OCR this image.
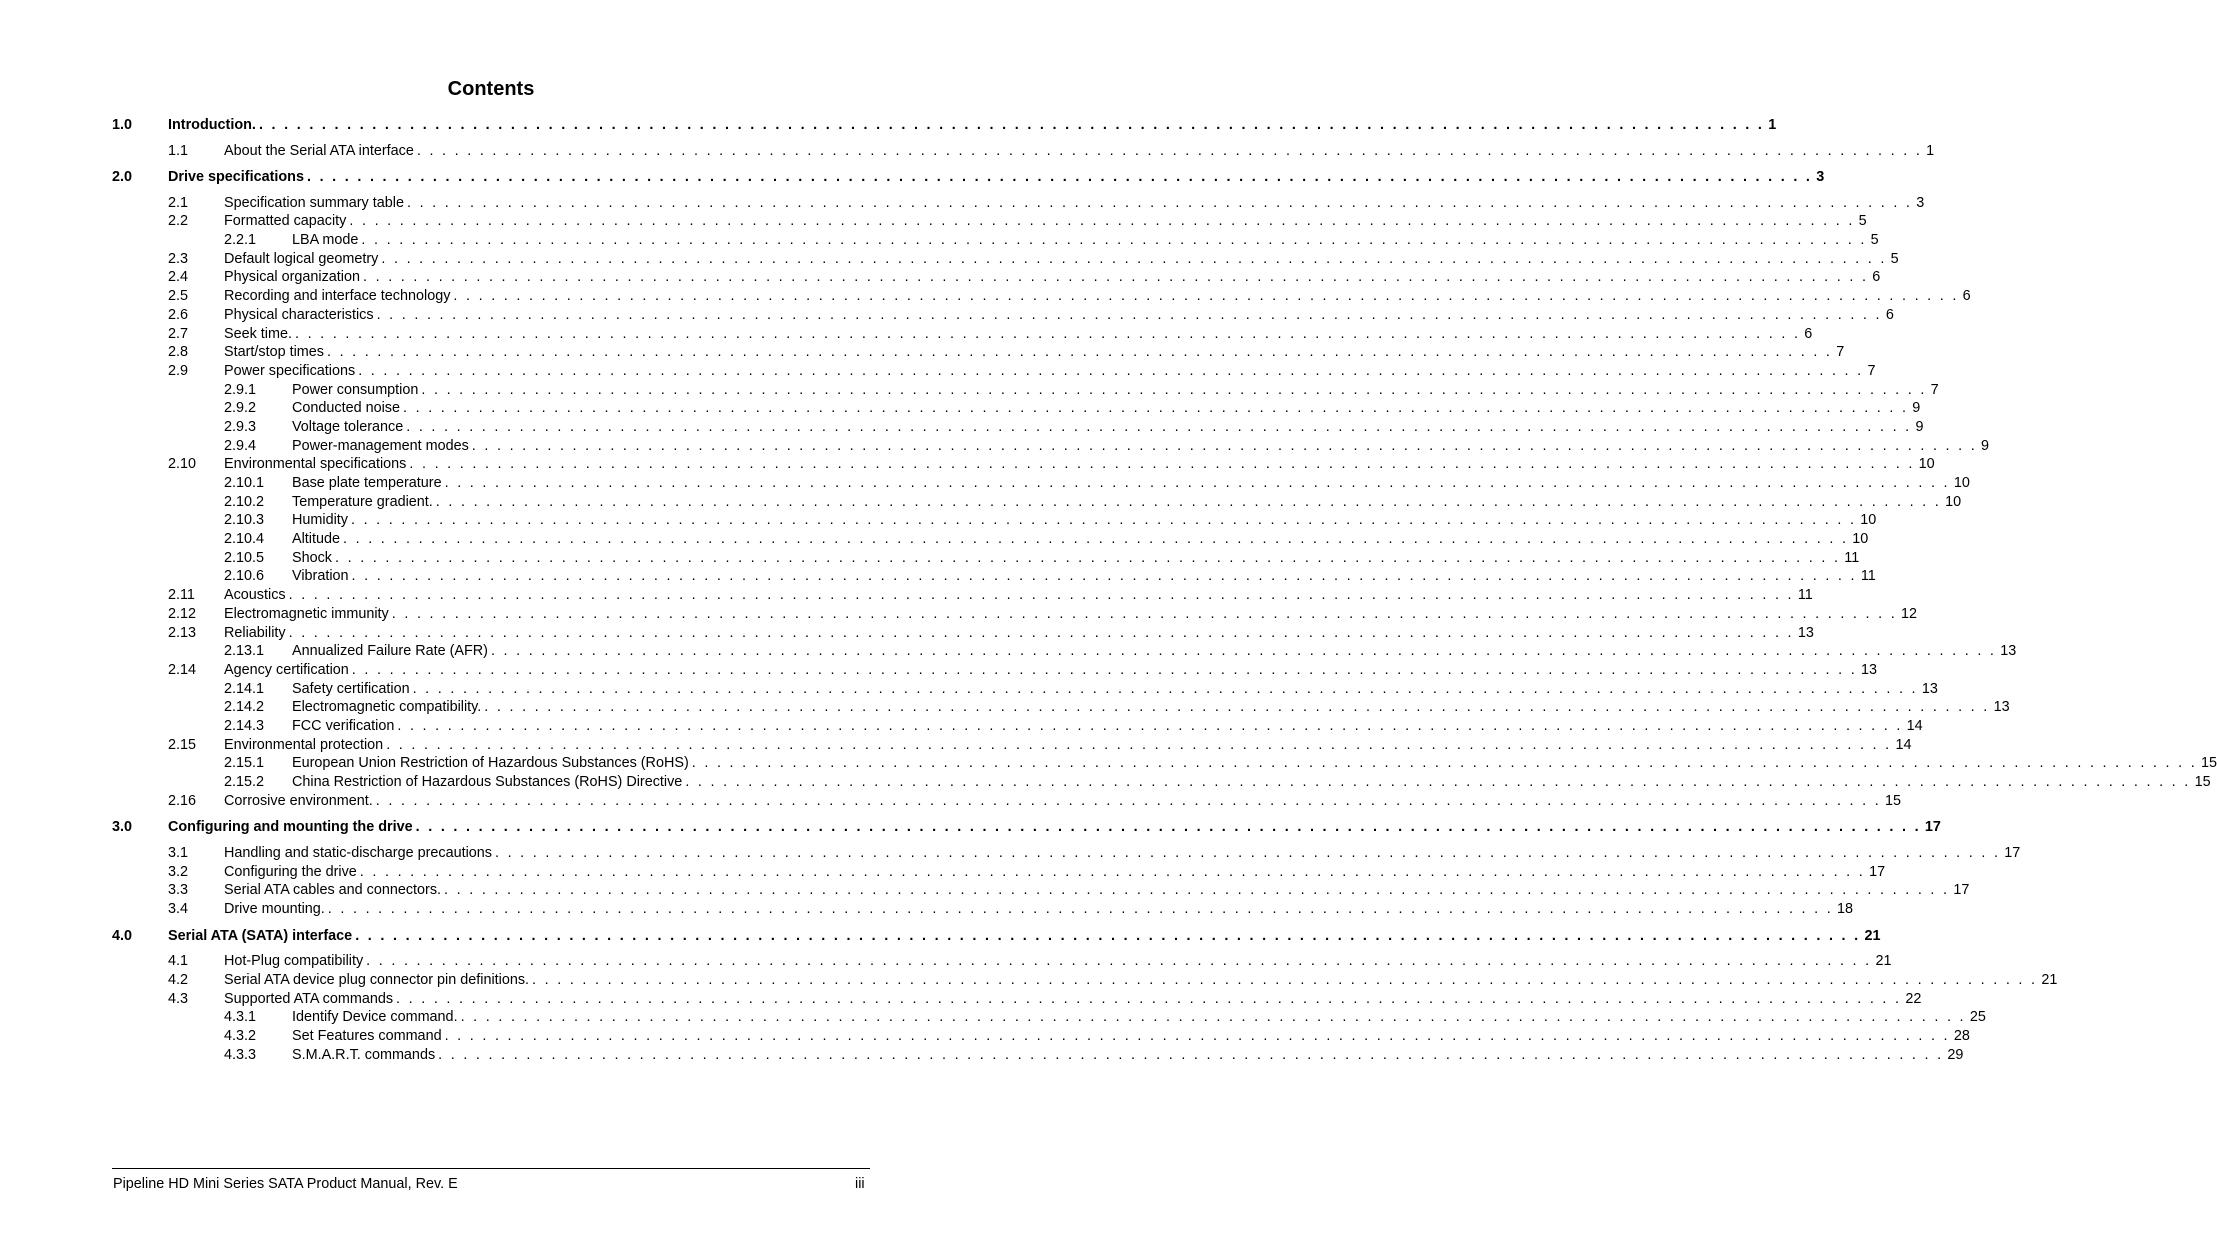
Contents
1.0 Introduction. . . . . . . . . . . . . . . . . . . . . . . . . . . . . . . . . . . . . . . . . . . . . . . . . . . . . . . . . . . . . . . . . . . . . . . . . . . . . . . . . . . . . . . . . . . . . . . . . . . . . . . . . . . . . . . . . . . . . . . . . 1
1.1 About the Serial ATA interface . . . . . . . . . . . . . . . . . . . . . . . . . . . . . . . . . . . . . . . . . . . . . . . . . . . . . . . . . . . . . . . . . . . . . . . . . . . . . . . . . . . . . . . . . . . . . . . . . . . . . . . . . . . . . . . . . . . . . . . . 1
2.0 Drive specifications . . . . . . . . . . . . . . . . . . . . . . . . . . . . . . . . . . . . . . . . . . . . . . . . . . . . . . . . . . . . . . . . . . . . . . . . . . . . . . . . . . . . . . . . . . . . . . . . . . . . . . . . . . . . . . . . . . . . . . . . 3
2.1 Specification summary table . . . . . . . . . . . . . . . . . . . . . . . . . . . . . . . . . . . . . . . . . . . . . . . . . . . . . . . . . . . . . . . . . . . . . . . . . . . . . . . . . . . . . . . . . . . . . . . . . . . . . . . . . . . . . . . . . . . . . . . . 3
2.2 Formatted capacity . . . . . . . . . . . . . . . . . . . . . . . . . . . . . . . . . . . . . . . . . . . . . . . . . . . . . . . . . . . . . . . . . . . . . . . . . . . . . . . . . . . . . . . . . . . . . . . . . . . . . . . . . . . . . . . . . . . . . . . . 5
2.2.1 LBA mode . . . . . . . . . . . . . . . . . . . . . . . . . . . . . . . . . . . . . . . . . . . . . . . . . . . . . . . . . . . . . . . . . . . . . . . . . . . . . . . . . . . . . . . . . . . . . . . . . . . . . . . . . . . . . . . . . . . . . . . . 5
2.3 Default logical geometry . . . . . . . . . . . . . . . . . . . . . . . . . . . . . . . . . . . . . . . . . . . . . . . . . . . . . . . . . . . . . . . . . . . . . . . . . . . . . . . . . . . . . . . . . . . . . . . . . . . . . . . . . . . . . . . . . . . . . . . . 5
2.4 Physical organization . . . . . . . . . . . . . . . . . . . . . . . . . . . . . . . . . . . . . . . . . . . . . . . . . . . . . . . . . . . . . . . . . . . . . . . . . . . . . . . . . . . . . . . . . . . . . . . . . . . . . . . . . . . . . . . . . . . . . . . . 6
2.5 Recording and interface technology . . . . . . . . . . . . . . . . . . . . . . . . . . . . . . . . . . . . . . . . . . . . . . . . . . . . . . . . . . . . . . . . . . . . . . . . . . . . . . . . . . . . . . . . . . . . . . . . . . . . . . . . . . . . . . . . . . . . . . . . 6
2.6 Physical characteristics . . . . . . . . . . . . . . . . . . . . . . . . . . . . . . . . . . . . . . . . . . . . . . . . . . . . . . . . . . . . . . . . . . . . . . . . . . . . . . . . . . . . . . . . . . . . . . . . . . . . . . . . . . . . . . . . . . . . . . . . 6
2.7 Seek time. . . . . . . . . . . . . . . . . . . . . . . . . . . . . . . . . . . . . . . . . . . . . . . . . . . . . . . . . . . . . . . . . . . . . . . . . . . . . . . . . . . . . . . . . . . . . . . . . . . . . . . . . . . . . . . . . . . . . . . . . 6
2.8 Start/stop times . . . . . . . . . . . . . . . . . . . . . . . . . . . . . . . . . . . . . . . . . . . . . . . . . . . . . . . . . . . . . . . . . . . . . . . . . . . . . . . . . . . . . . . . . . . . . . . . . . . . . . . . . . . . . . . . . . . . . . . . 7
2.9 Power specifications . . . . . . . . . . . . . . . . . . . . . . . . . . . . . . . . . . . . . . . . . . . . . . . . . . . . . . . . . . . . . . . . . . . . . . . . . . . . . . . . . . . . . . . . . . . . . . . . . . . . . . . . . . . . . . . . . . . . . . . . 7
2.9.1 Power consumption . . . . . . . . . . . . . . . . . . . . . . . . . . . . . . . . . . . . . . . . . . . . . . . . . . . . . . . . . . . . . . . . . . . . . . . . . . . . . . . . . . . . . . . . . . . . . . . . . . . . . . . . . . . . . . . . . . . . . . . . 7
2.9.2 Conducted noise . . . . . . . . . . . . . . . . . . . . . . . . . . . . . . . . . . . . . . . . . . . . . . . . . . . . . . . . . . . . . . . . . . . . . . . . . . . . . . . . . . . . . . . . . . . . . . . . . . . . . . . . . . . . . . . . . . . . . . . . 9
2.9.3 Voltage tolerance . . . . . . . . . . . . . . . . . . . . . . . . . . . . . . . . . . . . . . . . . . . . . . . . . . . . . . . . . . . . . . . . . . . . . . . . . . . . . . . . . . . . . . . . . . . . . . . . . . . . . . . . . . . . . . . . . . . . . . . . 9
2.9.4 Power-management modes . . . . . . . . . . . . . . . . . . . . . . . . . . . . . . . . . . . . . . . . . . . . . . . . . . . . . . . . . . . . . . . . . . . . . . . . . . . . . . . . . . . . . . . . . . . . . . . . . . . . . . . . . . . . . . . . . . . . . . . . 9
2.10 Environmental specifications . . . . . . . . . . . . . . . . . . . . . . . . . . . . . . . . . . . . . . . . . . . . . . . . . . . . . . . . . . . . . . . . . . . . . . . . . . . . . . . . . . . . . . . . . . . . . . . . . . . . . . . . . . . . . . . . . . . . . . . . 10
2.10.1 Base plate temperature . . . . . . . . . . . . . . . . . . . . . . . . . . . . . . . . . . . . . . . . . . . . . . . . . . . . . . . . . . . . . . . . . . . . . . . . . . . . . . . . . . . . . . . . . . . . . . . . . . . . . . . . . . . . . . . . . . . . . . . . 10
2.10.2 Temperature gradient. . . . . . . . . . . . . . . . . . . . . . . . . . . . . . . . . . . . . . . . . . . . . . . . . . . . . . . . . . . . . . . . . . . . . . . . . . . . . . . . . . . . . . . . . . . . . . . . . . . . . . . . . . . . . . . . . . . . . . . . . 10
2.10.3 Humidity . . . . . . . . . . . . . . . . . . . . . . . . . . . . . . . . . . . . . . . . . . . . . . . . . . . . . . . . . . . . . . . . . . . . . . . . . . . . . . . . . . . . . . . . . . . . . . . . . . . . . . . . . . . . . . . . . . . . . . . . 10
2.10.4 Altitude . . . . . . . . . . . . . . . . . . . . . . . . . . . . . . . . . . . . . . . . . . . . . . . . . . . . . . . . . . . . . . . . . . . . . . . . . . . . . . . . . . . . . . . . . . . . . . . . . . . . . . . . . . . . . . . . . . . . . . . . 10
2.10.5 Shock . . . . . . . . . . . . . . . . . . . . . . . . . . . . . . . . . . . . . . . . . . . . . . . . . . . . . . . . . . . . . . . . . . . . . . . . . . . . . . . . . . . . . . . . . . . . . . . . . . . . . . . . . . . . . . . . . . . . . . . . 11
2.10.6 Vibration . . . . . . . . . . . . . . . . . . . . . . . . . . . . . . . . . . . . . . . . . . . . . . . . . . . . . . . . . . . . . . . . . . . . . . . . . . . . . . . . . . . . . . . . . . . . . . . . . . . . . . . . . . . . . . . . . . . . . . . . 11
2.11 Acoustics . . . . . . . . . . . . . . . . . . . . . . . . . . . . . . . . . . . . . . . . . . . . . . . . . . . . . . . . . . . . . . . . . . . . . . . . . . . . . . . . . . . . . . . . . . . . . . . . . . . . . . . . . . . . . . . . . . . . . . . . 11
2.12 Electromagnetic immunity . . . . . . . . . . . . . . . . . . . . . . . . . . . . . . . . . . . . . . . . . . . . . . . . . . . . . . . . . . . . . . . . . . . . . . . . . . . . . . . . . . . . . . . . . . . . . . . . . . . . . . . . . . . . . . . . . . . . . . . . 12
2.13 Reliability . . . . . . . . . . . . . . . . . . . . . . . . . . . . . . . . . . . . . . . . . . . . . . . . . . . . . . . . . . . . . . . . . . . . . . . . . . . . . . . . . . . . . . . . . . . . . . . . . . . . . . . . . . . . . . . . . . . . . . . . 13
2.13.1 Annualized Failure Rate (AFR) . . . . . . . . . . . . . . . . . . . . . . . . . . . . . . . . . . . . . . . . . . . . . . . . . . . . . . . . . . . . . . . . . . . . . . . . . . . . . . . . . . . . . . . . . . . . . . . . . . . . . . . . . . . . . . . . . . . . . . . . 13
2.14 Agency certification . . . . . . . . . . . . . . . . . . . . . . . . . . . . . . . . . . . . . . . . . . . . . . . . . . . . . . . . . . . . . . . . . . . . . . . . . . . . . . . . . . . . . . . . . . . . . . . . . . . . . . . . . . . . . . . . . . . . . . . . 13
2.14.1 Safety certification . . . . . . . . . . . . . . . . . . . . . . . . . . . . . . . . . . . . . . . . . . . . . . . . . . . . . . . . . . . . . . . . . . . . . . . . . . . . . . . . . . . . . . . . . . . . . . . . . . . . . . . . . . . . . . . . . . . . . . . . 13
2.14.2 Electromagnetic compatibility. . . . . . . . . . . . . . . . . . . . . . . . . . . . . . . . . . . . . . . . . . . . . . . . . . . . . . . . . . . . . . . . . . . . . . . . . . . . . . . . . . . . . . . . . . . . . . . . . . . . . . . . . . . . . . . . . . . . . . . . . 13
2.14.3 FCC verification . . . . . . . . . . . . . . . . . . . . . . . . . . . . . . . . . . . . . . . . . . . . . . . . . . . . . . . . . . . . . . . . . . . . . . . . . . . . . . . . . . . . . . . . . . . . . . . . . . . . . . . . . . . . . . . . . . . . . . . . 14
2.15 Environmental protection . . . . . . . . . . . . . . . . . . . . . . . . . . . . . . . . . . . . . . . . . . . . . . . . . . . . . . . . . . . . . . . . . . . . . . . . . . . . . . . . . . . . . . . . . . . . . . . . . . . . . . . . . . . . . . . . . . . . . . . . 14
2.15.1 European Union Restriction of Hazardous Substances (RoHS) . . . . . . . . . . . . . . . . . . . . . . . . . . . . . . . . . . . . . . . . . . . . . . . . . . . . . . . . . . . . . . . . . . . . . . . . . . . . . . . . . . . . . . . . . . . . . . . . . . . . . . . . . . . . . . . . . . . . . . . . 15
2.15.2 China Restriction of Hazardous Substances (RoHS) Directive . . . . . . . . . . . . . . . . . . . . . . . . . . . . . . . . . . . . . . . . . . . . . . . . . . . . . . . . . . . . . . . . . . . . . . . . . . . . . . . . . . . . . . . . . . . . . . . . . . . . . . . . . . . . . . . . . . . . . . . . 15
2.16 Corrosive environment. . . . . . . . . . . . . . . . . . . . . . . . . . . . . . . . . . . . . . . . . . . . . . . . . . . . . . . . . . . . . . . . . . . . . . . . . . . . . . . . . . . . . . . . . . . . . . . . . . . . . . . . . . . . . . . . . . . . . . . . . 15
3.0 Configuring and mounting the drive . . . . . . . . . . . . . . . . . . . . . . . . . . . . . . . . . . . . . . . . . . . . . . . . . . . . . . . . . . . . . . . . . . . . . . . . . . . . . . . . . . . . . . . . . . . . . . . . . . . . . . . . . . . . . . . . . . . . . . . . 17
3.1 Handling and static-discharge precautions . . . . . . . . . . . . . . . . . . . . . . . . . . . . . . . . . . . . . . . . . . . . . . . . . . . . . . . . . . . . . . . . . . . . . . . . . . . . . . . . . . . . . . . . . . . . . . . . . . . . . . . . . . . . . . . . . . . . . . . . 17
3.2 Configuring the drive . . . . . . . . . . . . . . . . . . . . . . . . . . . . . . . . . . . . . . . . . . . . . . . . . . . . . . . . . . . . . . . . . . . . . . . . . . . . . . . . . . . . . . . . . . . . . . . . . . . . . . . . . . . . . . . . . . . . . . . . 17
3.3 Serial ATA cables and connectors. . . . . . . . . . . . . . . . . . . . . . . . . . . . . . . . . . . . . . . . . . . . . . . . . . . . . . . . . . . . . . . . . . . . . . . . . . . . . . . . . . . . . . . . . . . . . . . . . . . . . . . . . . . . . . . . . . . . . . . . . 17
3.4 Drive mounting. . . . . . . . . . . . . . . . . . . . . . . . . . . . . . . . . . . . . . . . . . . . . . . . . . . . . . . . . . . . . . . . . . . . . . . . . . . . . . . . . . . . . . . . . . . . . . . . . . . . . . . . . . . . . . . . . . . . . . . . . 18
4.0 Serial ATA (SATA) interface . . . . . . . . . . . . . . . . . . . . . . . . . . . . . . . . . . . . . . . . . . . . . . . . . . . . . . . . . . . . . . . . . . . . . . . . . . . . . . . . . . . . . . . . . . . . . . . . . . . . . . . . . . . . . . . . . . . . . . . . 21
4.1 Hot-Plug compatibility . . . . . . . . . . . . . . . . . . . . . . . . . . . . . . . . . . . . . . . . . . . . . . . . . . . . . . . . . . . . . . . . . . . . . . . . . . . . . . . . . . . . . . . . . . . . . . . . . . . . . . . . . . . . . . . . . . . . . . . . 21
4.2 Serial ATA device plug connector pin definitions. . . . . . . . . . . . . . . . . . . . . . . . . . . . . . . . . . . . . . . . . . . . . . . . . . . . . . . . . . . . . . . . . . . . . . . . . . . . . . . . . . . . . . . . . . . . . . . . . . . . . . . . . . . . . . . . . . . . . . . . . 21
4.3 Supported ATA commands . . . . . . . . . . . . . . . . . . . . . . . . . . . . . . . . . . . . . . . . . . . . . . . . . . . . . . . . . . . . . . . . . . . . . . . . . . . . . . . . . . . . . . . . . . . . . . . . . . . . . . . . . . . . . . . . . . . . . . . . 22
4.3.1 Identify Device command. . . . . . . . . . . . . . . . . . . . . . . . . . . . . . . . . . . . . . . . . . . . . . . . . . . . . . . . . . . . . . . . . . . . . . . . . . . . . . . . . . . . . . . . . . . . . . . . . . . . . . . . . . . . . . . . . . . . . . . . . 25
4.3.2 Set Features command . . . . . . . . . . . . . . . . . . . . . . . . . . . . . . . . . . . . . . . . . . . . . . . . . . . . . . . . . . . . . . . . . . . . . . . . . . . . . . . . . . . . . . . . . . . . . . . . . . . . . . . . . . . . . . . . . . . . . . . . 28
4.3.3 S.M.A.R.T. commands . . . . . . . . . . . . . . . . . . . . . . . . . . . . . . . . . . . . . . . . . . . . . . . . . . . . . . . . . . . . . . . . . . . . . . . . . . . . . . . . . . . . . . . . . . . . . . . . . . . . . . . . . . . . . . . . . . . . . . . . 29
Pipeline HD Mini Series SATA Product Manual, Rev. E	iii
